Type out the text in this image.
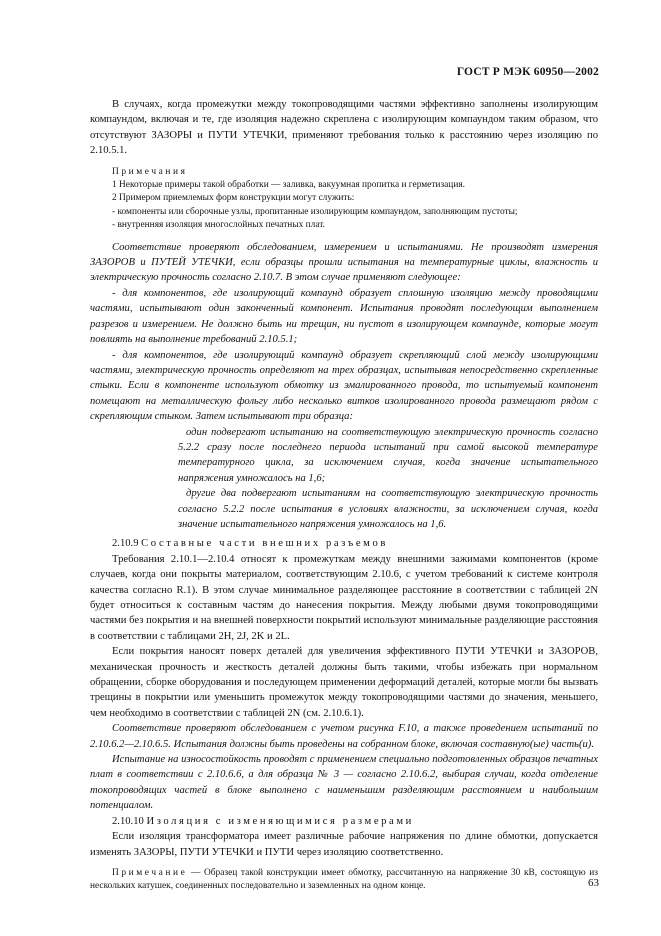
ГОСТ Р МЭК 60950—2002

В случаях, когда промежутки между токопроводящими частями эффективно заполнены изолирующим компаундом, включая и те, где изоляция надежно скреплена с изолирующим компаундом таким образом, что отсутствуют ЗАЗОРЫ и ПУТИ УТЕЧКИ, применяют требования только к расстоянию через изоляцию по 2.10.5.1.

Примечания

1 Некоторые примеры такой обработки — заливка, вакуумная пропитка и герметизация.

2 Примером приемлемых форм конструкции могут служить:

- компоненты или сборочные узлы, пропитанные изолирующим компаундом, заполняющим пустоты;

- внутренняя изоляция многослойных печатных плат.

Соответствие проверяют обследованием, измерением и испытаниями. Не производят измерения ЗАЗОРОВ и ПУТЕЙ УТЕЧКИ, если образцы прошли испытания на температурные циклы, влажность и электрическую прочность согласно 2.10.7. В этом случае применяют следующее:

- для компонентов, где изолирующий компаунд образует сплошную изоляцию между проводящими частями, испытывают один законченный компонент. Испытания проводят последующим выполнением разрезов и измерением. Не должно быть ни трещин, ни пустот в изолирующем компаунде, которые могут повлиять на выполнение требований 2.10.5.1;

- для компонентов, где изолирующий компаунд образует скрепляющий слой между изолирующими частями, электрическую прочность определяют на трех образцах, испытывая непосредственно скрепленные стыки. Если в компоненте используют обмотку из эмалированного провода, то испытуемый компонент помещают на металлическую фольгу либо несколько витков изолированного провода размещают рядом с скрепляющим стыком. Затем испытывают три образца:

один подвергают испытанию на соответствующую электрическую прочность согласно 5.2.2 сразу после последнего периода испытаний при самой высокой температуре температурного цикла, за исключением случая, когда значение испытательного напряжения умножалось на 1,6;

другие два подвергают испытаниям на соответствующую электрическую прочность согласно 5.2.2 после испытания в условиях влажности, за исключением случая, когда значение испытательного напряжения умножалось на 1,6.

2.10.9 Составные части внешних разъемов

Требования 2.10.1—2.10.4 относят к промежуткам между внешними зажимами компонентов (кроме случаев, когда они покрыты материалом, соответствующим 2.10.6, с учетом требований к системе контроля качества согласно R.1). В этом случае минимальное разделяющее расстояние в соответствии с таблицей 2N будет относиться к составным частям до нанесения покрытия. Между любыми двумя токопроводящими частями без покрытия и на внешней поверхности покрытий используют минимальные разделяющие расстояния в соответствии с таблицами 2H, 2J, 2K и 2L.

Если покрытия наносят поверх деталей для увеличения эффективного ПУТИ УТЕЧКИ и ЗАЗОРОВ, механическая прочность и жесткость деталей должны быть такими, чтобы избежать при нормальном обращении, сборке оборудования и последующем применении деформаций деталей, которые могли бы вызвать трещины в покрытии или уменьшить промежуток между токопроводящими частями до значения, меньшего, чем необходимо в соответствии с таблицей 2N (см. 2.10.6.1).

Соответствие проверяют обследованием с учетом рисунка F.10, а также проведением испытаний по 2.10.6.2—2.10.6.5. Испытания должны быть проведены на собранном блоке, включая составную(ые) часть(и).

Испытание на износостойкость проводят с применением специально подготовленных образцов печатных плат в соответствии с 2.10.6.6, а для образца № 3 — согласно 2.10.6.2, выбирая случаи, когда отделение токопроводящих частей в блоке выполнено с наименьшим разделяющим расстоянием и наибольшим потенциалом.

2.10.10 Изоляция с изменяющимися размерами

Если изоляция трансформатора имеет различные рабочие напряжения по длине обмотки, допускается изменять ЗАЗОРЫ, ПУТИ УТЕЧКИ и ПУТИ через изоляцию соответственно.

Примечание — Образец такой конструкции имеет обмотку, рассчитанную на напряжение 30 кВ, состоящую из нескольких катушек, соединенных последовательно и заземленных на одном конце.	63
